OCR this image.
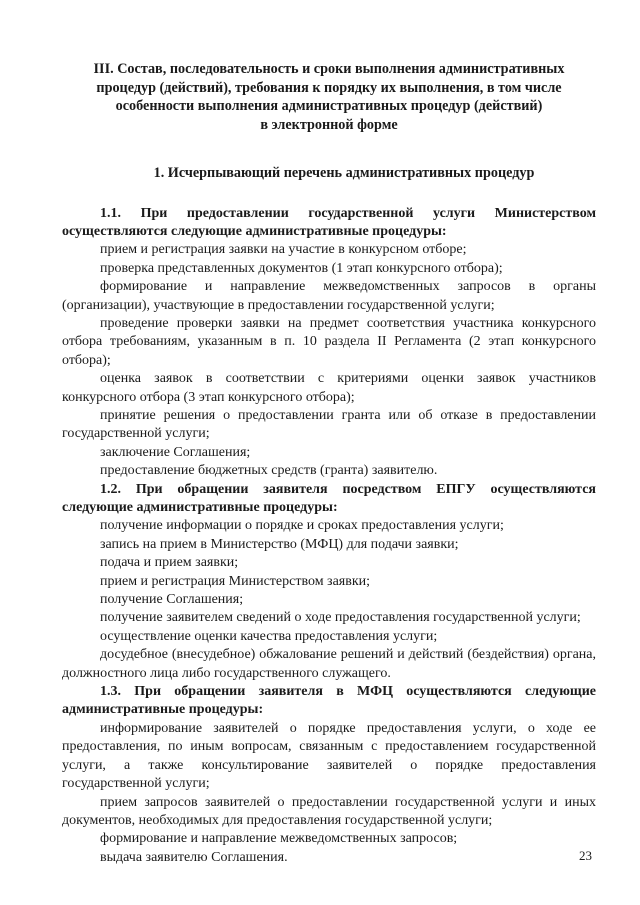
III. Состав, последовательность и сроки выполнения административных
процедур (действий), требования к порядку их выполнения, в том числе
особенности выполнения административных процедур (действий)
в электронной форме
1. Исчерпывающий перечень административных процедур

1.1. При предоставлении государственной услуги Министерством осуществляются следующие административные процедуры:

прием и регистрация заявки на участие в конкурсном отборе;

проверка представленных документов (1 этап конкурсного отбора);

формирование и направление межведомственных запросов в органы (организации), участвующие в предоставлении государственной услуги;

проведение проверки заявки на предмет соответствия участника конкурсного отбора требованиям, указанным в п. 10 раздела II Регламента (2 этап конкурсного отбора);

оценка заявок в соответствии с критериями оценки заявок участников конкурсного отбора (3 этап конкурсного отбора);

принятие решения о предоставлении гранта или об отказе в предоставлении государственной услуги;

заключение Соглашения;

предоставление бюджетных средств (гранта) заявителю.

1.2. При обращении заявителя посредством ЕПГУ осуществляются следующие административные процедуры:

получение информации о порядке и сроках предоставления услуги;

запись на прием в Министерство (МФЦ) для подачи заявки;

подача и прием заявки;

прием и регистрация Министерством заявки;

получение Соглашения;

получение заявителем сведений о ходе предоставления государственной услуги;

осуществление оценки качества предоставления услуги;

досудебное (внесудебное) обжалование решений и действий (бездействия) органа, должностного лица либо государственного служащего.

1.3. При обращении заявителя в МФЦ осуществляются следующие административные процедуры:

информирование заявителей о порядке предоставления услуги, о ходе ее предоставления, по иным вопросам, связанным с предоставлением государственной услуги, а также консультирование заявителей о порядке предоставления государственной услуги;

прием запросов заявителей о предоставлении государственной услуги и иных документов, необходимых для предоставления государственной услуги;

формирование и направление межведомственных запросов;

выдача заявителю Соглашения.	23
